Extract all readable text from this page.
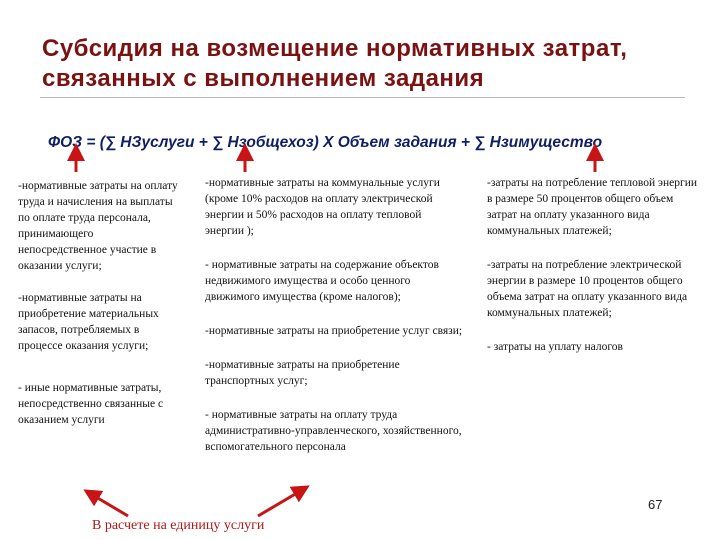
Субсидия на возмещение нормативных затрат, связанных с выполнением задания

ФОЗ = (∑ НЗуслуги + ∑ Нзобщехоз) Х Объем задания + ∑ Нзимущество

-нормативные затраты на оплату труда и начисления на выплаты по оплате труда персонала, принимающего непосредственное участие в оказании услуги;

-нормативные затраты на приобретение материальных запасов, потребляемых в процессе оказания услуги;

- иные нормативные затраты, непосредственно связанные с оказанием услуги

-нормативные затраты на коммунальные услуги (кроме 10% расходов на оплату электрической энергии и 50% расходов на оплату тепловой энергии );

- нормативные затраты на содержание объектов недвижимого имущества и особо ценного движимого имущества (кроме налогов);

-нормативные затраты на приобретение услуг связи;

-нормативные затраты на приобретение транспортных услуг;

- нормативные затраты на оплату труда административно-управленческого, хозяйственного, вспомогательного персонала

-затраты на потребление тепловой энергии в размере 50 процентов общего объем затрат на оплату указанного вида коммунальных платежей;

-затраты на потребление электрической энергии в размере 10 процентов общего объема затрат на оплату указанного вида коммунальных платежей;

- затраты на уплату налогов

В расчете на единицу услуги
67
